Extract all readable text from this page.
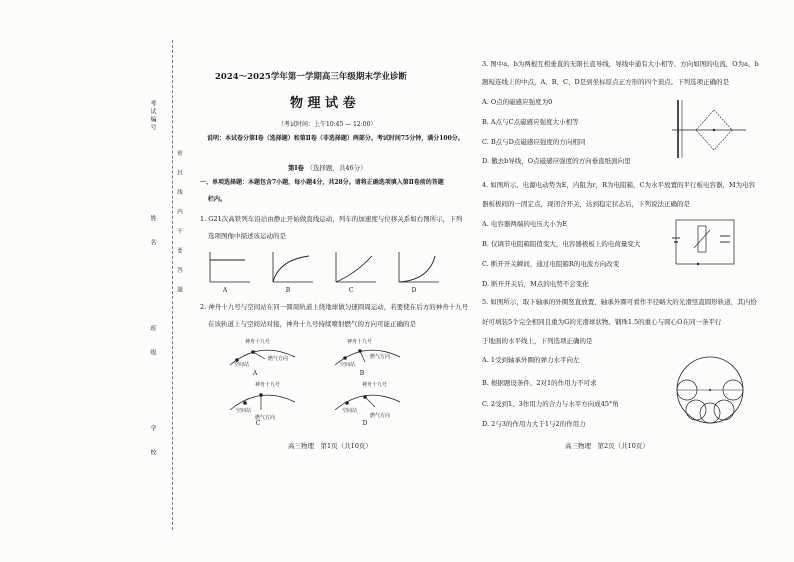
考试编号
姓　　名
班　　级
学　　校
密封线内不要答题
2024～2025学年第一学期高三年级期末学业诊断
物 理 试 卷
（考试时间：上午10:45 — 12:00）
说明：本试卷分第Ⅰ卷（选择题）和第Ⅱ卷（非选择题）两部分。考试时间75分钟，满分100分。
第Ⅰ卷 （选择题，共46分）
一、单项选择题：本题包含7小题，每小题4分，共28分。请将正确选项填入第Ⅱ卷前的答题
栏内。
1. G21次高铁列车沿站由静止开始做直线运动，列车的加速度与位移关系如右图所示，下列
选项图像中描述该运动的是
A	B	C	D
2. 神舟十九号与空间站在同一圆周轨道上绕地球做匀速圆周运动，若要使在后方的神舟十九号
在该轨道上与空间站对接，神舟十九号持续喷射燃气的方向可能正确的是
神舟十九号
燃气方向
空间站
A
神舟十九号
燃气方向
空间站
B
神舟十九号
空间站
燃气方向
C
神舟十九号
空间站
燃气方向
D
高三物理　第1页（共10页）
3. 图中a、b为两根互相垂直的无限长直导线，导线中通有大小相等、方向如图的电流，O为a、b
题短连线上的中点，A、B、C、D是到坐标原点正方形的四个顶点。下列选项正确的是
A. O点的磁感应强度为0
B. A点与C点磁感应强度大小相等
C. B点与D点磁感应强度的方向相同
D. 撤去b导线，O点磁感应强度的方向垂直纸面向里
4. 如图所示，电源电动势为E，内阻为r，R为电阻箱，C为水平放置的平行板电容器，M为电容
器板极间的一固定点，现闭合开关，达到稳定状态后，下列说法正确的是
A. 电容器两端的电压大小为E
B. 仅调节电阻箱阻值变大，电容器极板上的电荷量变大
C. 断开开关瞬间，通过电阻箱R的电流方向改变
D. 断开开关后，M点的电势不会变化
5. 如图所示，取下轴承的外圈竖直放置，轴承外圈可看作半径略大的光滑竖直圆形轨道，其内恰
好可填装5个完全相同且重为G的光滑球状物。钢珠1.5的重心与圆心O在同一条平行
于地面的水平线上，下列选项正确的是
A. 1受到轴承外圈的弹力水平向左
B. 根据题设条件，2对1的作用力不可求
C. 2受到1、3作用力的合力与水平方向成45°角
D. 2与3的作用力大于1与2的作用力
高三物理　第2页（共10页）
